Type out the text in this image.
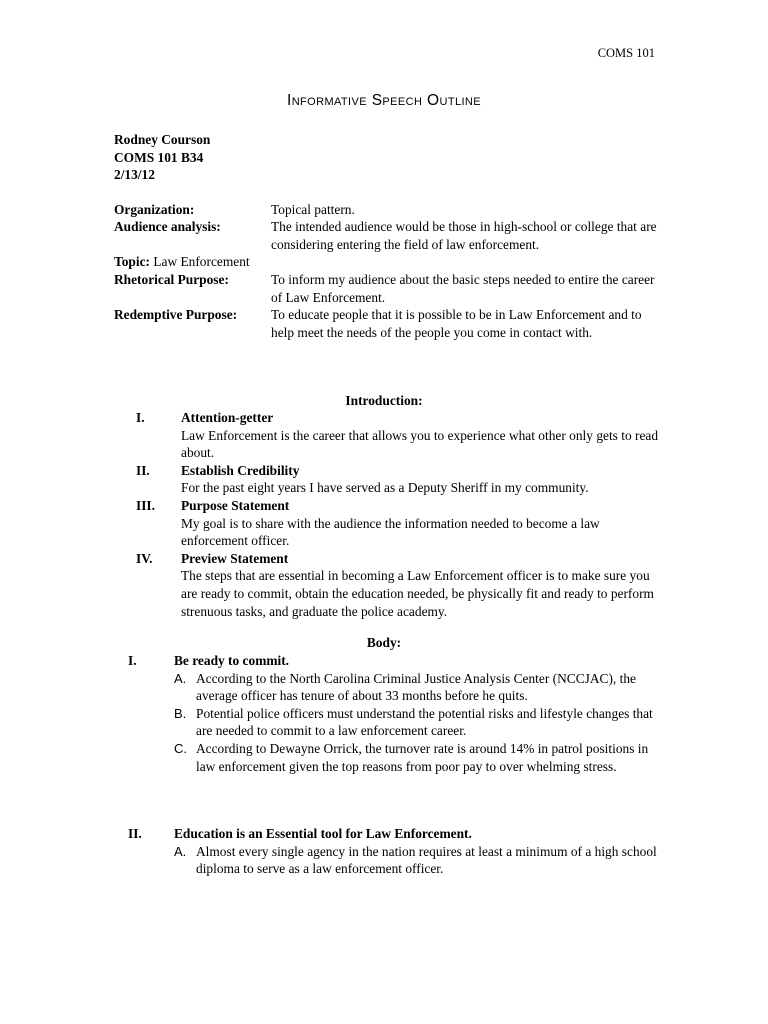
COMS 101
Informative Speech Outline
Rodney Courson
COMS 101 B34
2/13/12
Organization:	Topical pattern.
Audience analysis:	The intended audience would be those in high-school or college that are considering entering the field of law enforcement.
Topic: Law Enforcement
Rhetorical Purpose:	To inform my audience about the basic steps needed to entire the career of Law Enforcement.
Redemptive Purpose:	To educate people that it is possible to be in Law Enforcement and to help meet the needs of the people you come in contact with.
Introduction:
I.	Attention-getter
Law Enforcement is the career that allows you to experience what other only gets to read about.
II. Establish Credibility
For the past eight years I have served as a Deputy Sheriff in my community.
III. Purpose Statement
My goal is to share with the audience the information needed to become a law enforcement officer.
IV. Preview Statement
The steps that are essential in becoming a Law Enforcement officer is to make sure you are ready to commit, obtain the education needed, be physically fit and ready to perform strenuous tasks, and graduate the police academy.
Body:
I.	Be ready to commit.
A. According to the North Carolina Criminal Justice Analysis Center (NCCJAC), the average officer has tenure of about 33 months before he quits.
B. Potential police officers must understand the potential risks and lifestyle changes that are needed to commit to a law enforcement career.
C. According to Dewayne Orrick, the turnover rate is around 14% in patrol positions in law enforcement given the top reasons from poor pay to over whelming stress.
II. Education is an Essential tool for Law Enforcement.
A. Almost every single agency in the nation requires at least a minimum of a high school diploma to serve as a law enforcement officer.
